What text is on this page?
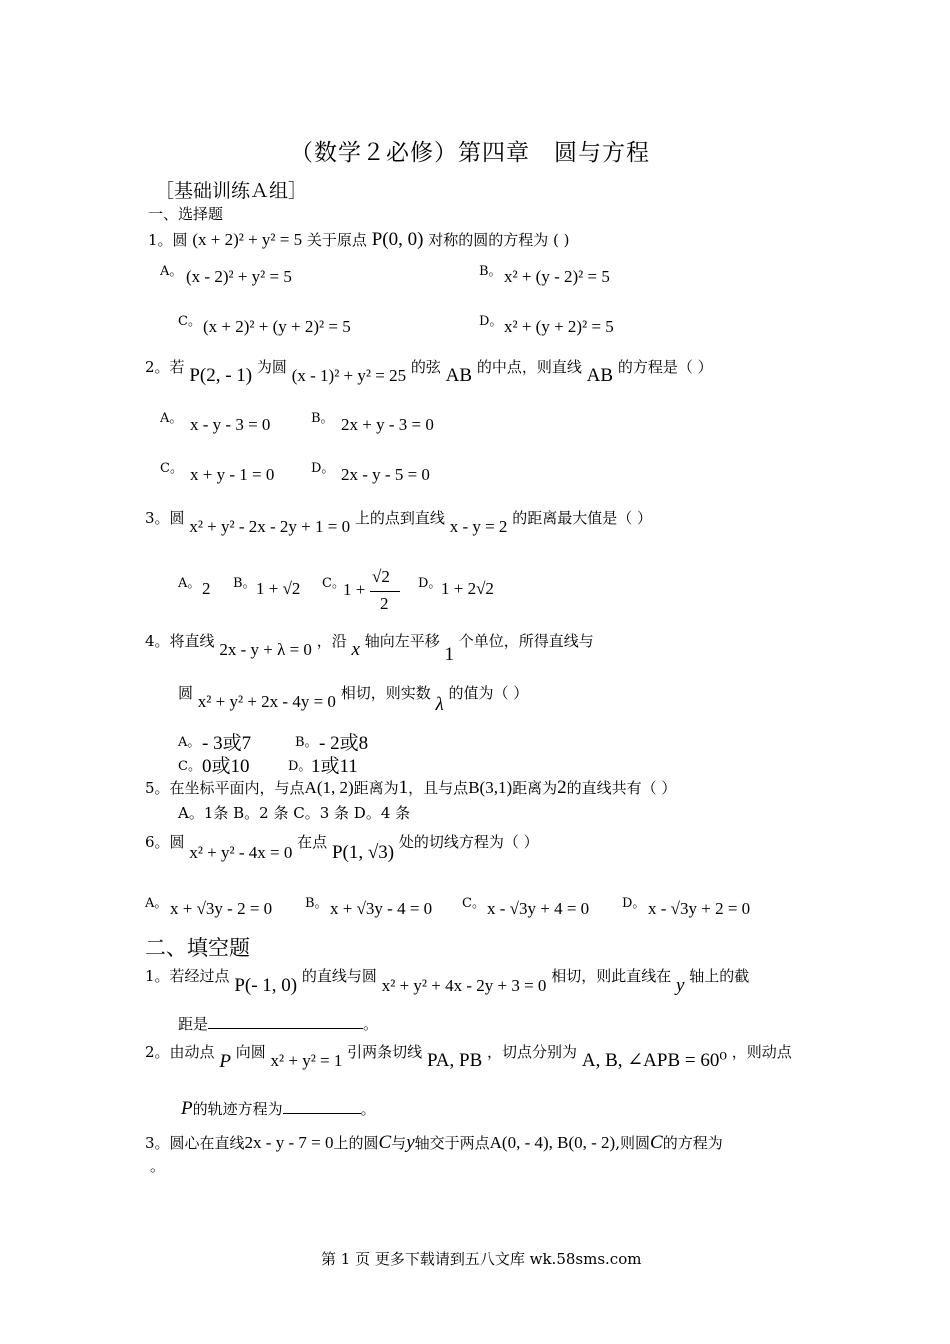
（数学２必修）第四章　圆与方程
［基础训练Ａ组］
一、选择题
1。圆 (x + 2)² + y² = 5 关于原点 P(0, 0) 对称的圆的方程为 ( )
A。 (x - 2)² + y² = 5	B。 x² + (y - 2)² = 5
C。 (x + 2)² + (y + 2)² = 5	D。 x² + (y + 2)² = 5
2。若 P(2, - 1) 为圆 (x - 1)² + y² = 25 的弦 AB 的中点，则直线 AB 的方程是（ ）
A。 x - y - 3 = 0	B。 2x + y - 3 = 0
C。 x + y - 1 = 0	D。 2x - y - 5 = 0
3。圆 x² + y² - 2x - 2y + 1 = 0 上的点到直线 x - y = 2 的距离最大值是（ ）
A。 2 B。 1 + √2 C。
1 +
√2
2
D。 1 + 2√2
4。将直线 2x - y + λ = 0 ，沿 x 轴向左平移 1 个单位，所得直线与
圆 x² + y² + 2x - 4y = 0 相切，则实数 λ 的值为（ ）
A。 - 3或7	B。 - 2或8
C。 0或10	D。 1或11
5。在坐标平面内，与点A(1, 2)距离为1，且与点B(3,1)距离为2的直线共有（ ）
A。1条 B。2 条 C。3 条 D。4 条
6。圆 x² + y² - 4x = 0 在点 P(1, √3) 处的切线方程为（ ）
A。 x + √3y - 2 = 0	B。 x + √3y - 4 = 0 C。 x - √3y + 4 = 0	D。 x - √3y + 2 = 0
二、填空题
1。若经过点 P(- 1, 0) 的直线与圆 x² + y² + 4x - 2y + 3 = 0 相切，则此直线在 y 轴上的截
距是	。
2。由动点 P 向圆 x² + y² = 1 引两条切线 PA, PB ，切点分别为 A, B, ∠APB = 60⁰ ，则动点
P的轨迹方程为	。
3。圆心在直线2x - y - 7 = 0上的圆C与y轴交于两点A(0, - 4), B(0, - 2),则圆C的方程为
。
第 1 页 更多下载请到五八文库 wk.58sms.com
